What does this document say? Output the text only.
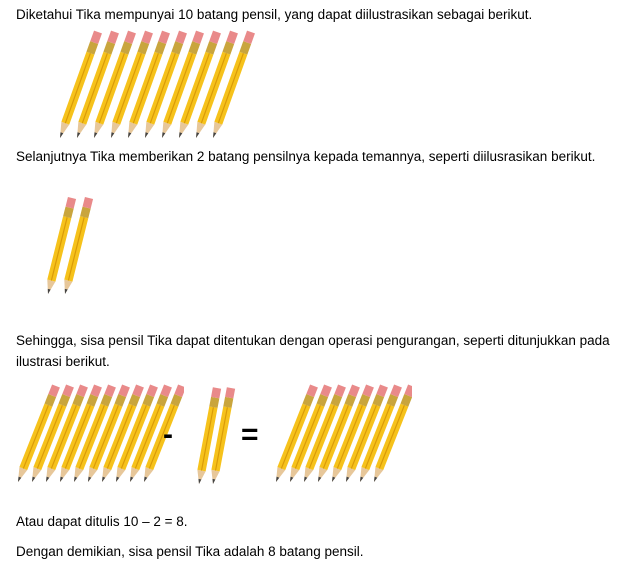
Diketahui Tika mempunyai 10 batang pensil, yang dapat diilustrasikan sebagai berikut.

Selanjutnya Tika memberikan 2 batang pensilnya kepada temannya, seperti diilusrasikan berikut.

Sehingga, sisa pensil Tika dapat ditentukan dengan operasi pengurangan, seperti ditunjukkan pada ilustrasi berikut.

- =

Atau dapat ditulis 10 – 2 = 8.

Dengan demikian, sisa pensil Tika adalah 8 batang pensil.
